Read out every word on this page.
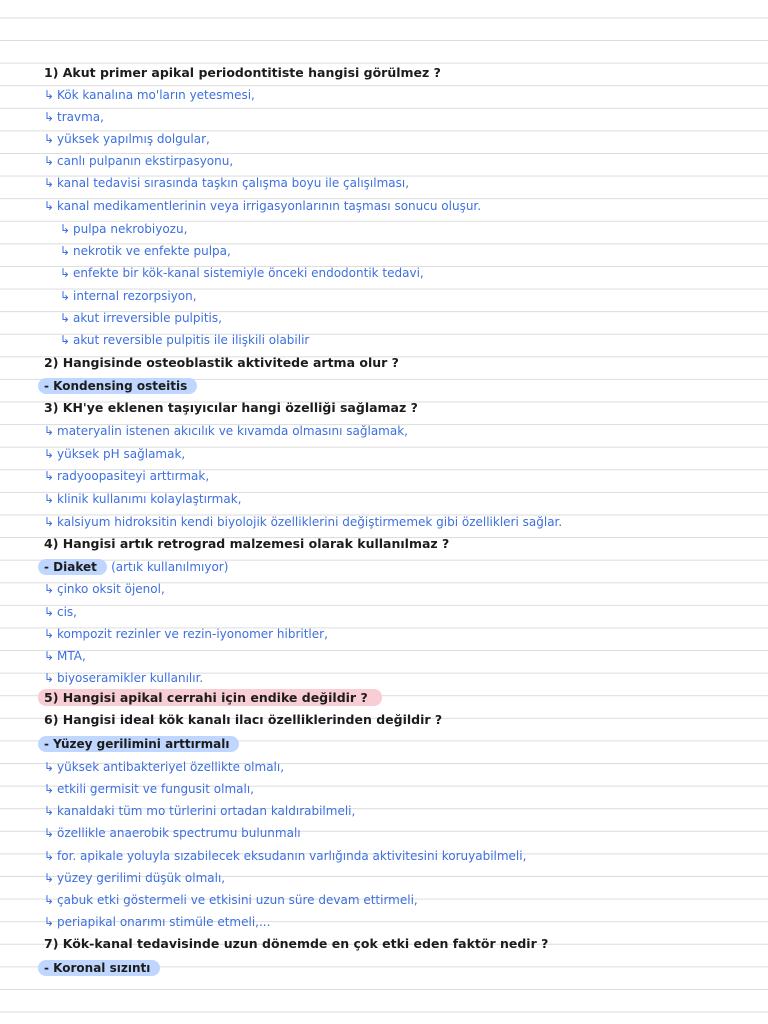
1) Akut primer apikal periodontitiste hangisi görülmez ?
↳ Kök kanalına mo'ların yetesmesi,
↳ travma,
↳ yüksek yapılmış dolgular,
↳ canlı pulpanın ekstirpasyonu,
↳ kanal tedavisi sırasında taşkın çalışma boyu ile çalışılması,
↳ kanal medikamentlerinin veya irrigasyonlarının taşması sonucu oluşur.
↳ pulpa nekrobiyozu,
↳ nekrotik ve enfekte pulpa,
↳ enfekte bir kök-kanal sistemiyle önceki endodontik tedavi,
↳ internal rezorpsiyon,
↳ akut irreversible pulpitis,
↳ akut reversible pulpitis ile ilişkili olabilir
2) Hangisinde osteoblastik aktivitede artma olur ?
- Kondensing osteitis
3) KH'ye eklenen taşıyıcılar hangi özelliği sağlamaz ?
↳ materyalin istenen akıcılık ve kıvamda olmasını sağlamak,
↳ yüksek pH sağlamak,
↳ radyoopasiteyi arttırmak,
↳ klinik kullanımı kolaylaştırmak,
↳ kalsiyum hidroksitin kendi biyolojik özelliklerini değiştirmemek gibi özellikleri sağlar.
4) Hangisi artık retrograd malzemesi olarak kullanılmaz ?
- Diaket (artık kullanılmıyor)
↳ çinko oksit öjenol,
↳ cis,
↳ kompozit rezinler ve rezin-iyonomer hibritler,
↳ MTA,
↳ biyoseramikler kullanılır.
5) Hangisi apikal cerrahi için endike değildir ?
6) Hangisi ideal kök kanalı ilacı özelliklerinden değildir ?
- Yüzey gerilimini arttırmalı
↳ yüksek antibakteriyel özellikte olmalı,
↳ etkili germisit ve fungusit olmalı,
↳ kanaldaki tüm mo türlerini ortadan kaldırabilmeli,
↳ özellikle anaerobik spectrumu bulunmalı
↳ for. apikale yoluyla sızabilecek eksudanın varlığında aktivitesini koruyabilmeli,
↳ yüzey gerilimi düşük olmalı,
↳ çabuk etki göstermeli ve etkisini uzun süre devam ettirmeli,
↳ periapikal onarımı stimüle etmeli,...
7) Kök-kanal tedavisinde uzun dönemde en çok etki eden faktör nedir ?
- Koronal sızıntı
